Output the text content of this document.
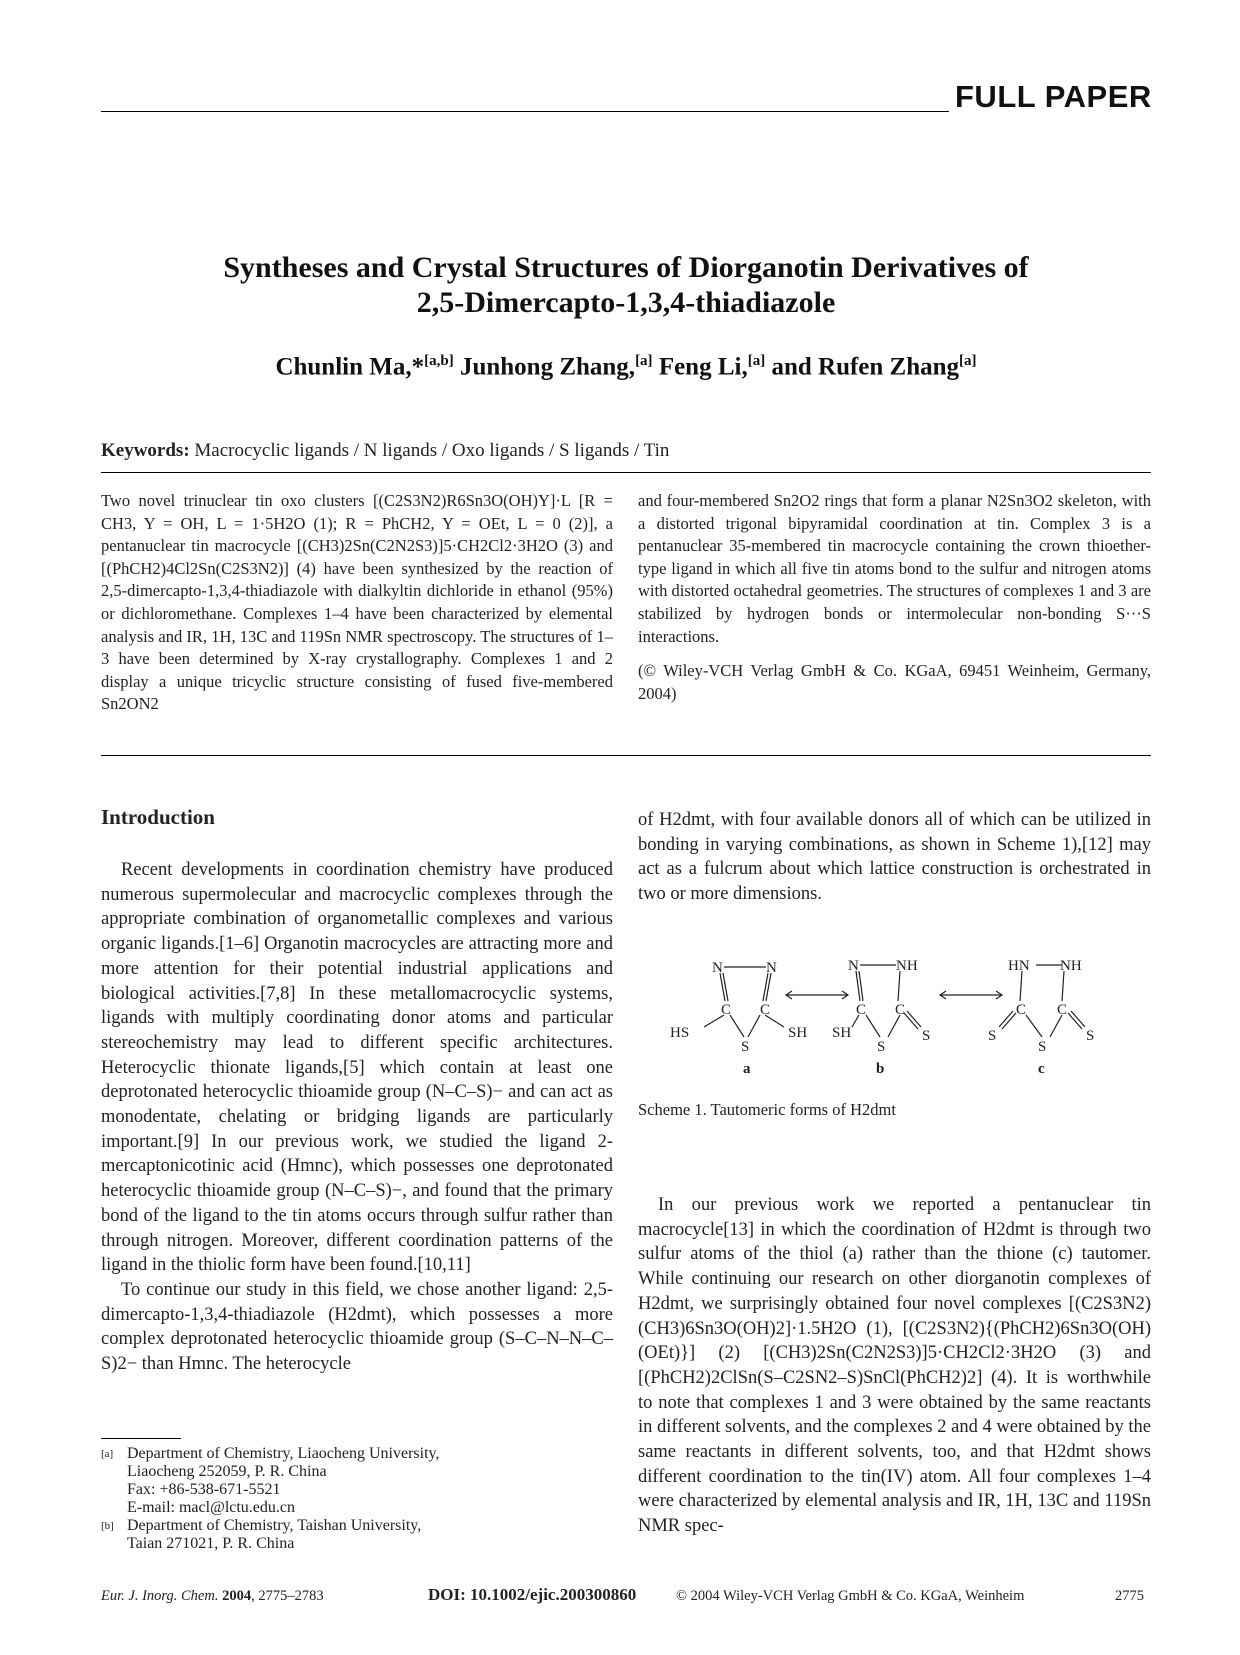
FULL PAPER
Syntheses and Crystal Structures of Diorganotin Derivatives of
2,5-Dimercapto-1,3,4-thiadiazole
Chunlin Ma,*[a,b] Junhong Zhang,[a] Feng Li,[a] and Rufen Zhang[a]
Keywords: Macrocyclic ligands / N ligands / Oxo ligands / S ligands / Tin

Two novel trinuclear tin oxo clusters [(C2S3N2)R6Sn3O(OH)Y]·L [R = CH3, Y = OH, L = 1·5H2O (1); R = PhCH2, Y = OEt, L = 0 (2)], a pentanuclear tin macrocycle [(CH3)2Sn(C2N2S3)]5·CH2Cl2·3H2O (3) and [(PhCH2)4Cl2Sn(C2S3N2)] (4) have been synthesized by the reaction of 2,5-dimercapto-1,3,4-thiadiazole with dialkyltin dichloride in ethanol (95%) or dichloromethane. Complexes 1–4 have been characterized by elemental analysis and IR, 1H, 13C and 119Sn NMR spectroscopy. The structures of 1–3 have been determined by X-ray crystallography. Complexes 1 and 2 display a unique tricyclic structure consisting of fused five-membered Sn2ON2

and four-membered Sn2O2 rings that form a planar N2Sn3O2 skeleton, with a distorted trigonal bipyramidal coordination at tin. Complex 3 is a pentanuclear 35-membered tin macrocycle containing the crown thioether-type ligand in which all five tin atoms bond to the sulfur and nitrogen atoms with distorted octahedral geometries. The structures of complexes 1 and 3 are stabilized by hydrogen bonds or intermolecular non-bonding S···S interactions.

(© Wiley-VCH Verlag GmbH & Co. KGaA, 69451 Weinheim, Germany, 2004)

Introduction

Recent developments in coordination chemistry have produced numerous supermolecular and macrocyclic complexes through the appropriate combination of organometallic complexes and various organic ligands.[1–6] Organotin macrocycles are attracting more and more attention for their potential industrial applications and biological activities.[7,8] In these metallomacrocyclic systems, ligands with multiply coordinating donor atoms and particular stereochemistry may lead to different specific architectures. Heterocyclic thionate ligands,[5] which contain at least one deprotonated heterocyclic thioamide group (N–C–S)− and can act as monodentate, chelating or bridging ligands are particularly important.[9] In our previous work, we studied the ligand 2-mercaptonicotinic acid (Hmnc), which possesses one deprotonated heterocyclic thioamide group (N–C–S)−, and found that the primary bond of the ligand to the tin atoms occurs through sulfur rather than through nitrogen. Moreover, different coordination patterns of the ligand in the thiolic form have been found.[10,11]

To continue our study in this field, we chose another ligand: 2,5-dimercapto-1,3,4-thiadiazole (H2dmt), which possesses a more complex deprotonated heterocyclic thioamide group (S–C–N–N–C–S)2− than Hmnc. The heterocycle

of H2dmt, with four available donors all of which can be utilized in bonding in varying combinations, as shown in Scheme 1),[12] may act as a fulcrum about which lattice construction is orchestrated in two or more dimensions.

N	N
C C
S
HS	SH
a
N NH
C C
S
SH	S
b
HN NH
C C
S
S	S
c
Scheme 1. Tautomeric forms of H2dmt

In our previous work we reported a pentanuclear tin macrocycle[13] in which the coordination of H2dmt is through two sulfur atoms of the thiol (a) rather than the thione (c) tautomer. While continuing our research on other diorganotin complexes of H2dmt, we surprisingly obtained four novel complexes [(C2S3N2)(CH3)6Sn3O(OH)2]·1.5H2O (1), [(C2S3N2){(PhCH2)6Sn3O(OH)(OEt)}] (2) [(CH3)2Sn(C2N2S3)]5·CH2Cl2·3H2O (3) and [(PhCH2)2ClSn(S–C2SN2–S)SnCl(PhCH2)2] (4). It is worthwhile to note that complexes 1 and 3 were obtained by the same reactants in different solvents, and the complexes 2 and 4 were obtained by the same reactants in different solvents, too, and that H2dmt shows different coordination to the tin(IV) atom. All four complexes 1–4 were characterized by elemental analysis and IR, 1H, 13C and 119Sn NMR spec-

[a] Department of Chemistry, Liaocheng University,
Liaocheng 252059, P. R. China
Fax: +86-538-671-5521
E-mail: macl@lctu.edu.cn
[b] Department of Chemistry, Taishan University,
Taian 271021, P. R. China
Eur. J. Inorg. Chem. 2004, 2775–2783	DOI: 10.1002/ejic.200300860	© 2004 Wiley-VCH Verlag GmbH & Co. KGaA, Weinheim	2775
